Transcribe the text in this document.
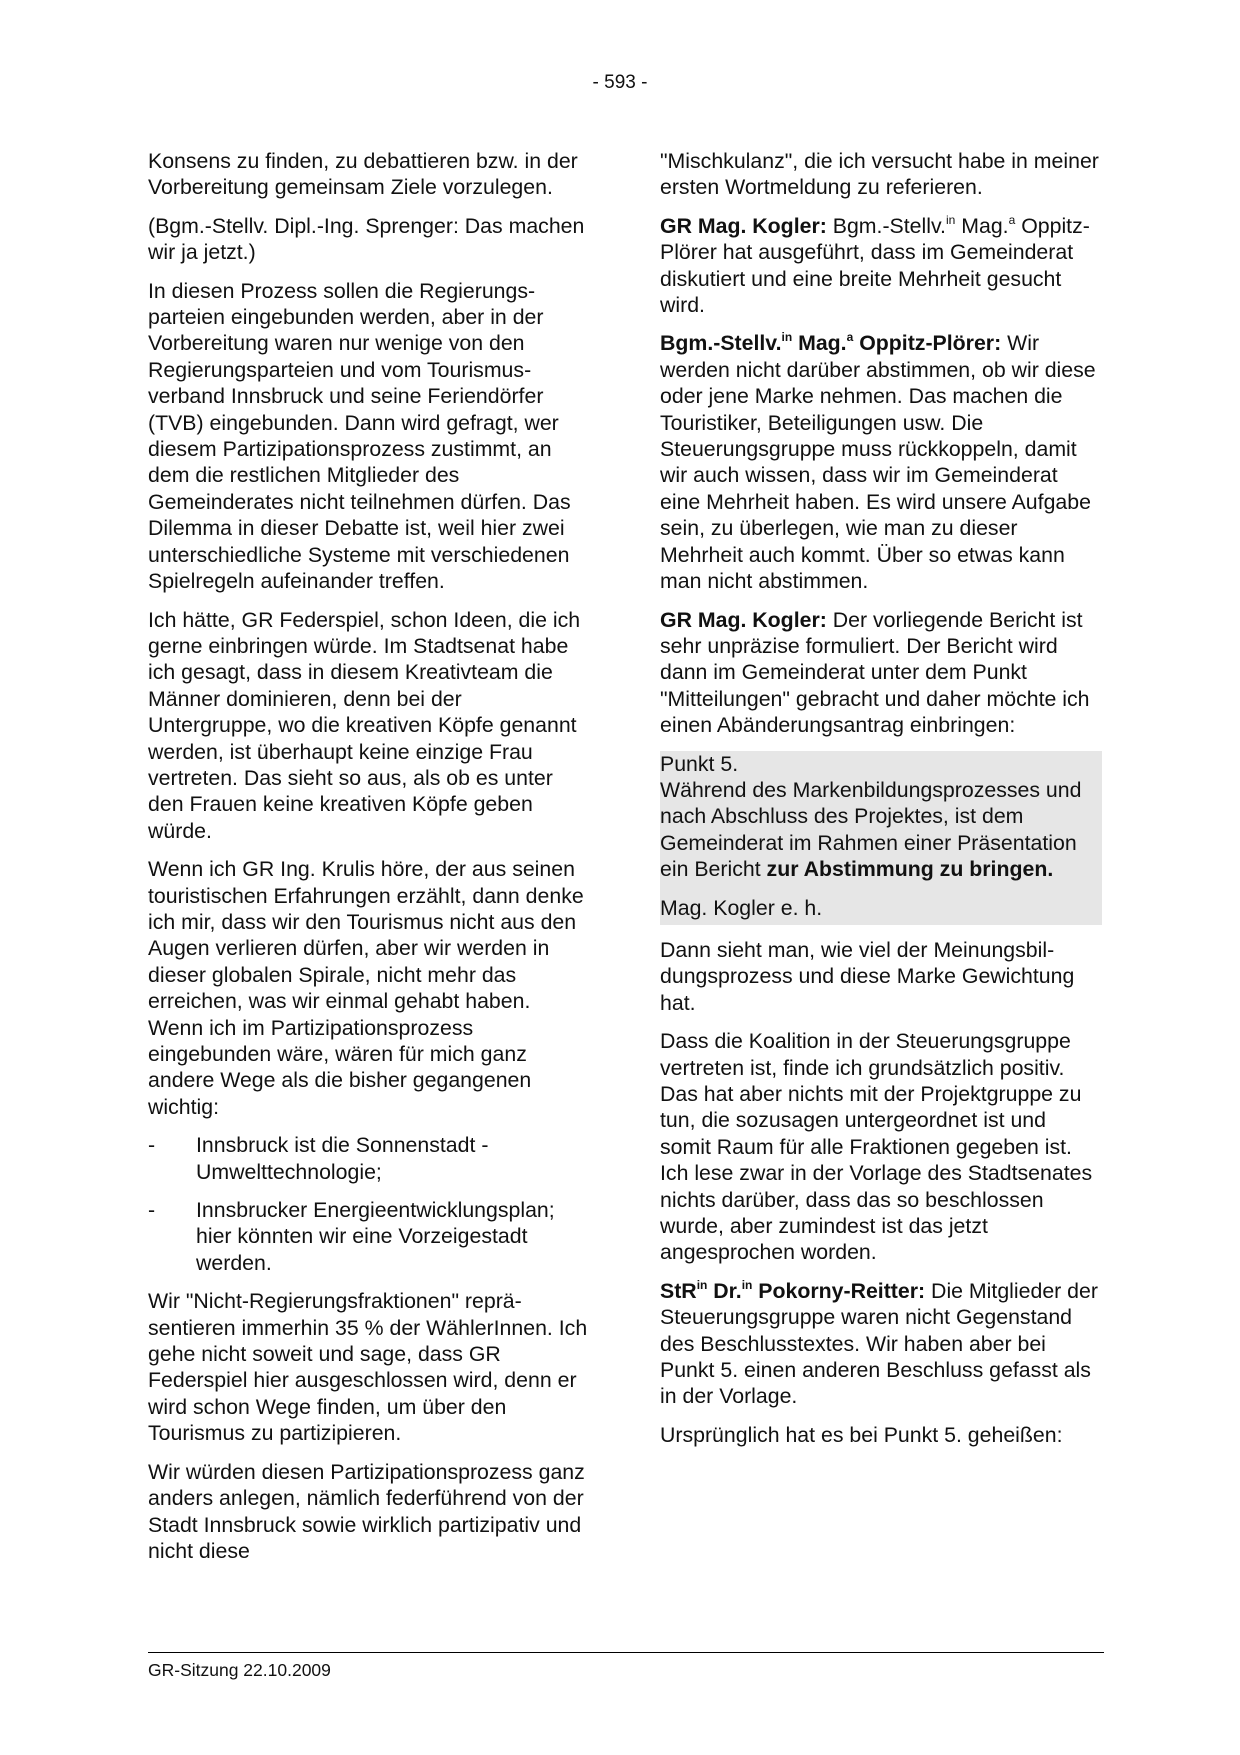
- 593 -

Konsens zu finden, zu debattieren bzw. in der Vorbereitung gemeinsam Ziele vorzulegen.

(Bgm.-Stellv. Dipl.-Ing. Sprenger: Das machen wir ja jetzt.)

In diesen Prozess sollen die Regierungsparteien eingebunden werden, aber in der Vorbereitung waren nur wenige von den Regierungsparteien und vom Tourismusverband Innsbruck und seine Feriendörfer (TVB) eingebunden. Dann wird gefragt, wer diesem Partizipationsprozess zustimmt, an dem die restlichen Mitglieder des Gemeinderates nicht teilnehmen dürfen. Das Dilemma in dieser Debatte ist, weil hier zwei unterschiedliche Systeme mit verschiedenen Spielregeln aufeinander treffen.

Ich hätte, GR Federspiel, schon Ideen, die ich gerne einbringen würde. Im Stadtsenat habe ich gesagt, dass in diesem Kreativteam die Männer dominieren, denn bei der Untergruppe, wo die kreativen Köpfe genannt werden, ist überhaupt keine einzige Frau vertreten. Das sieht so aus, als ob es unter den Frauen keine kreativen Köpfe geben würde.

Wenn ich GR Ing. Krulis höre, der aus seinen touristischen Erfahrungen erzählt, dann denke ich mir, dass wir den Tourismus nicht aus den Augen verlieren dürfen, aber wir werden in dieser globalen Spirale, nicht mehr das erreichen, was wir einmal gehabt haben. Wenn ich im Partizipationsprozess eingebunden wäre, wären für mich ganz andere Wege als die bisher gegangenen wichtig:

-	Innsbruck ist die Sonnenstadt - Umwelttechnologie;
-	Innsbrucker Energieentwicklungsplan; hier könnten wir eine Vorzeigestadt werden.

Wir "Nicht-Regierungsfraktionen" repräsentieren immerhin 35 % der WählerInnen. Ich gehe nicht soweit und sage, dass GR Federspiel hier ausgeschlossen wird, denn er wird schon Wege finden, um über den Tourismus zu partizipieren.

Wir würden diesen Partizipationsprozess ganz anders anlegen, nämlich federführend von der Stadt Innsbruck sowie wirklich partizipativ und nicht diese

"Mischkulanz", die ich versucht habe in meiner ersten Wortmeldung zu referieren.

GR Mag. Kogler: Bgm.-Stellv.$^{in}$ Mag.$^a$ Oppitz-Plörer hat ausgeführt, dass im Gemeinderat diskutiert und eine breite Mehrheit gesucht wird.

Bgm.-Stellv.$^{in}$ Mag.$^a$ Oppitz-Plörer: Wir werden nicht darüber abstimmen, ob wir diese oder jene Marke nehmen. Das machen die Touristiker, Beteiligungen usw. Die Steuerungsgruppe muss rückkoppeln, damit wir auch wissen, dass wir im Gemeinderat eine Mehrheit haben. Es wird unsere Aufgabe sein, zu überlegen, wie man zu dieser Mehrheit auch kommt. Über so etwas kann man nicht abstimmen.

GR Mag. Kogler: Der vorliegende Bericht ist sehr unpräzise formuliert. Der Bericht wird dann im Gemeinderat unter dem Punkt "Mitteilungen" gebracht und daher möchte ich einen Abänderungsantrag einbringen:

Punkt 5.

Während des Markenbildungsprozesses und nach Abschluss des Projektes, ist dem Gemeinderat im Rahmen einer Präsentation ein Bericht zur Abstimmung zu bringen.

Mag. Kogler e. h.

Dann sieht man, wie viel der Meinungsbildungsprozess und diese Marke Gewichtung hat.

Dass die Koalition in der Steuerungsgruppe vertreten ist, finde ich grundsätzlich positiv. Das hat aber nichts mit der Projektgruppe zu tun, die sozusagen untergeordnet ist und somit Raum für alle Fraktionen gegeben ist. Ich lese zwar in der Vorlage des Stadtsenates nichts darüber, dass das so beschlossen wurde, aber zumindest ist das jetzt angesprochen worden.

StR$^{in}$ Dr.$^{in}$ Pokorny-Reitter: Die Mitglieder der Steuerungsgruppe waren nicht Gegenstand des Beschlusstextes. Wir haben aber bei Punkt 5. einen anderen Beschluss gefasst als in der Vorlage.

Ursprünglich hat es bei Punkt 5. geheißen:

GR-Sitzung 22.10.2009
